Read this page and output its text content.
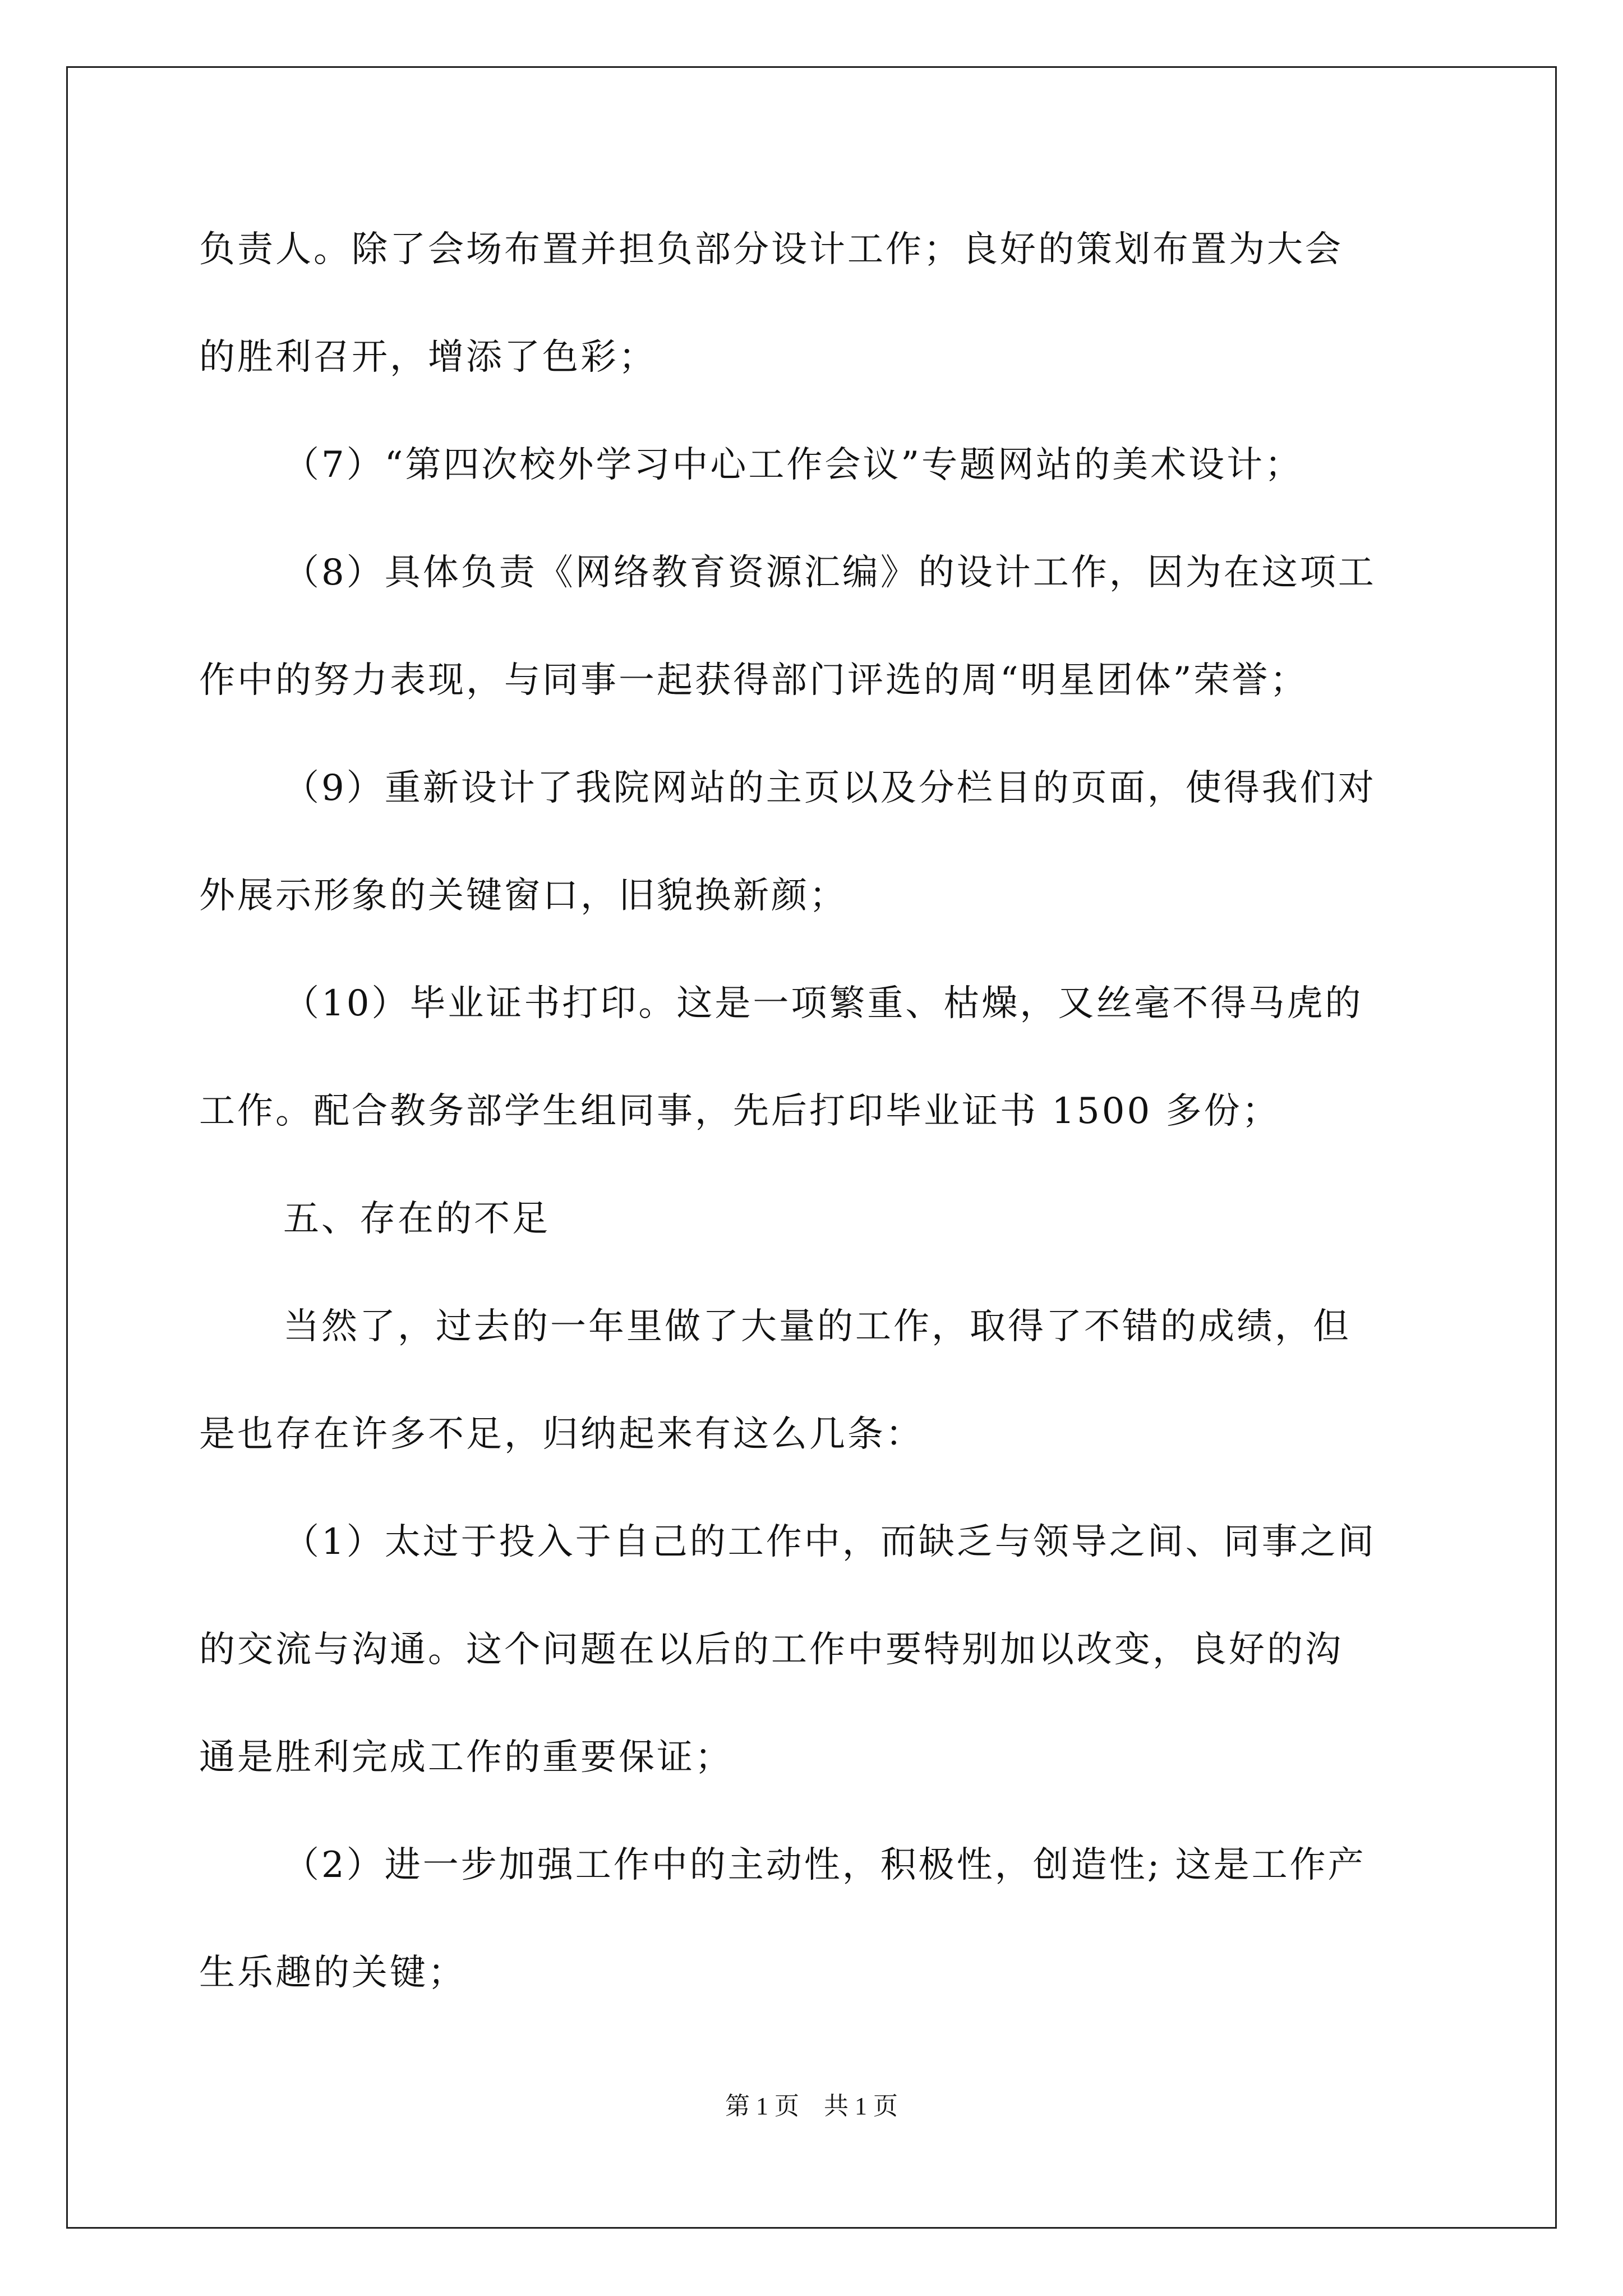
负责人。除了会场布置并担负部分设计工作；良好的策划布置为大会
的胜利召开，增添了色彩；
（7）“第四次校外学习中心工作会议”专题网站的美术设计；
（8）具体负责《网络教育资源汇编》的设计工作，因为在这项工
作中的努力表现，与同事一起获得部门评选的周“明星团体”荣誉；
（9）重新设计了我院网站的主页以及分栏目的页面，使得我们对
外展示形象的关键窗口，旧貌换新颜；
（10）毕业证书打印。这是一项繁重、枯燥，又丝毫不得马虎的
工作。配合教务部学生组同事，先后打印毕业证书 1500 多份；
五、存在的不足
当然了，过去的一年里做了大量的工作，取得了不错的成绩，但
是也存在许多不足，归纳起来有这么几条：
（1）太过于投入于自己的工作中，而缺乏与领导之间、同事之间
的交流与沟通。这个问题在以后的工作中要特别加以改变，良好的沟
通是胜利完成工作的重要保证；
（2）进一步加强工作中的主动性，积极性，创造性; 这是工作产
生乐趣的关键；
第 1 页　共 1 页
